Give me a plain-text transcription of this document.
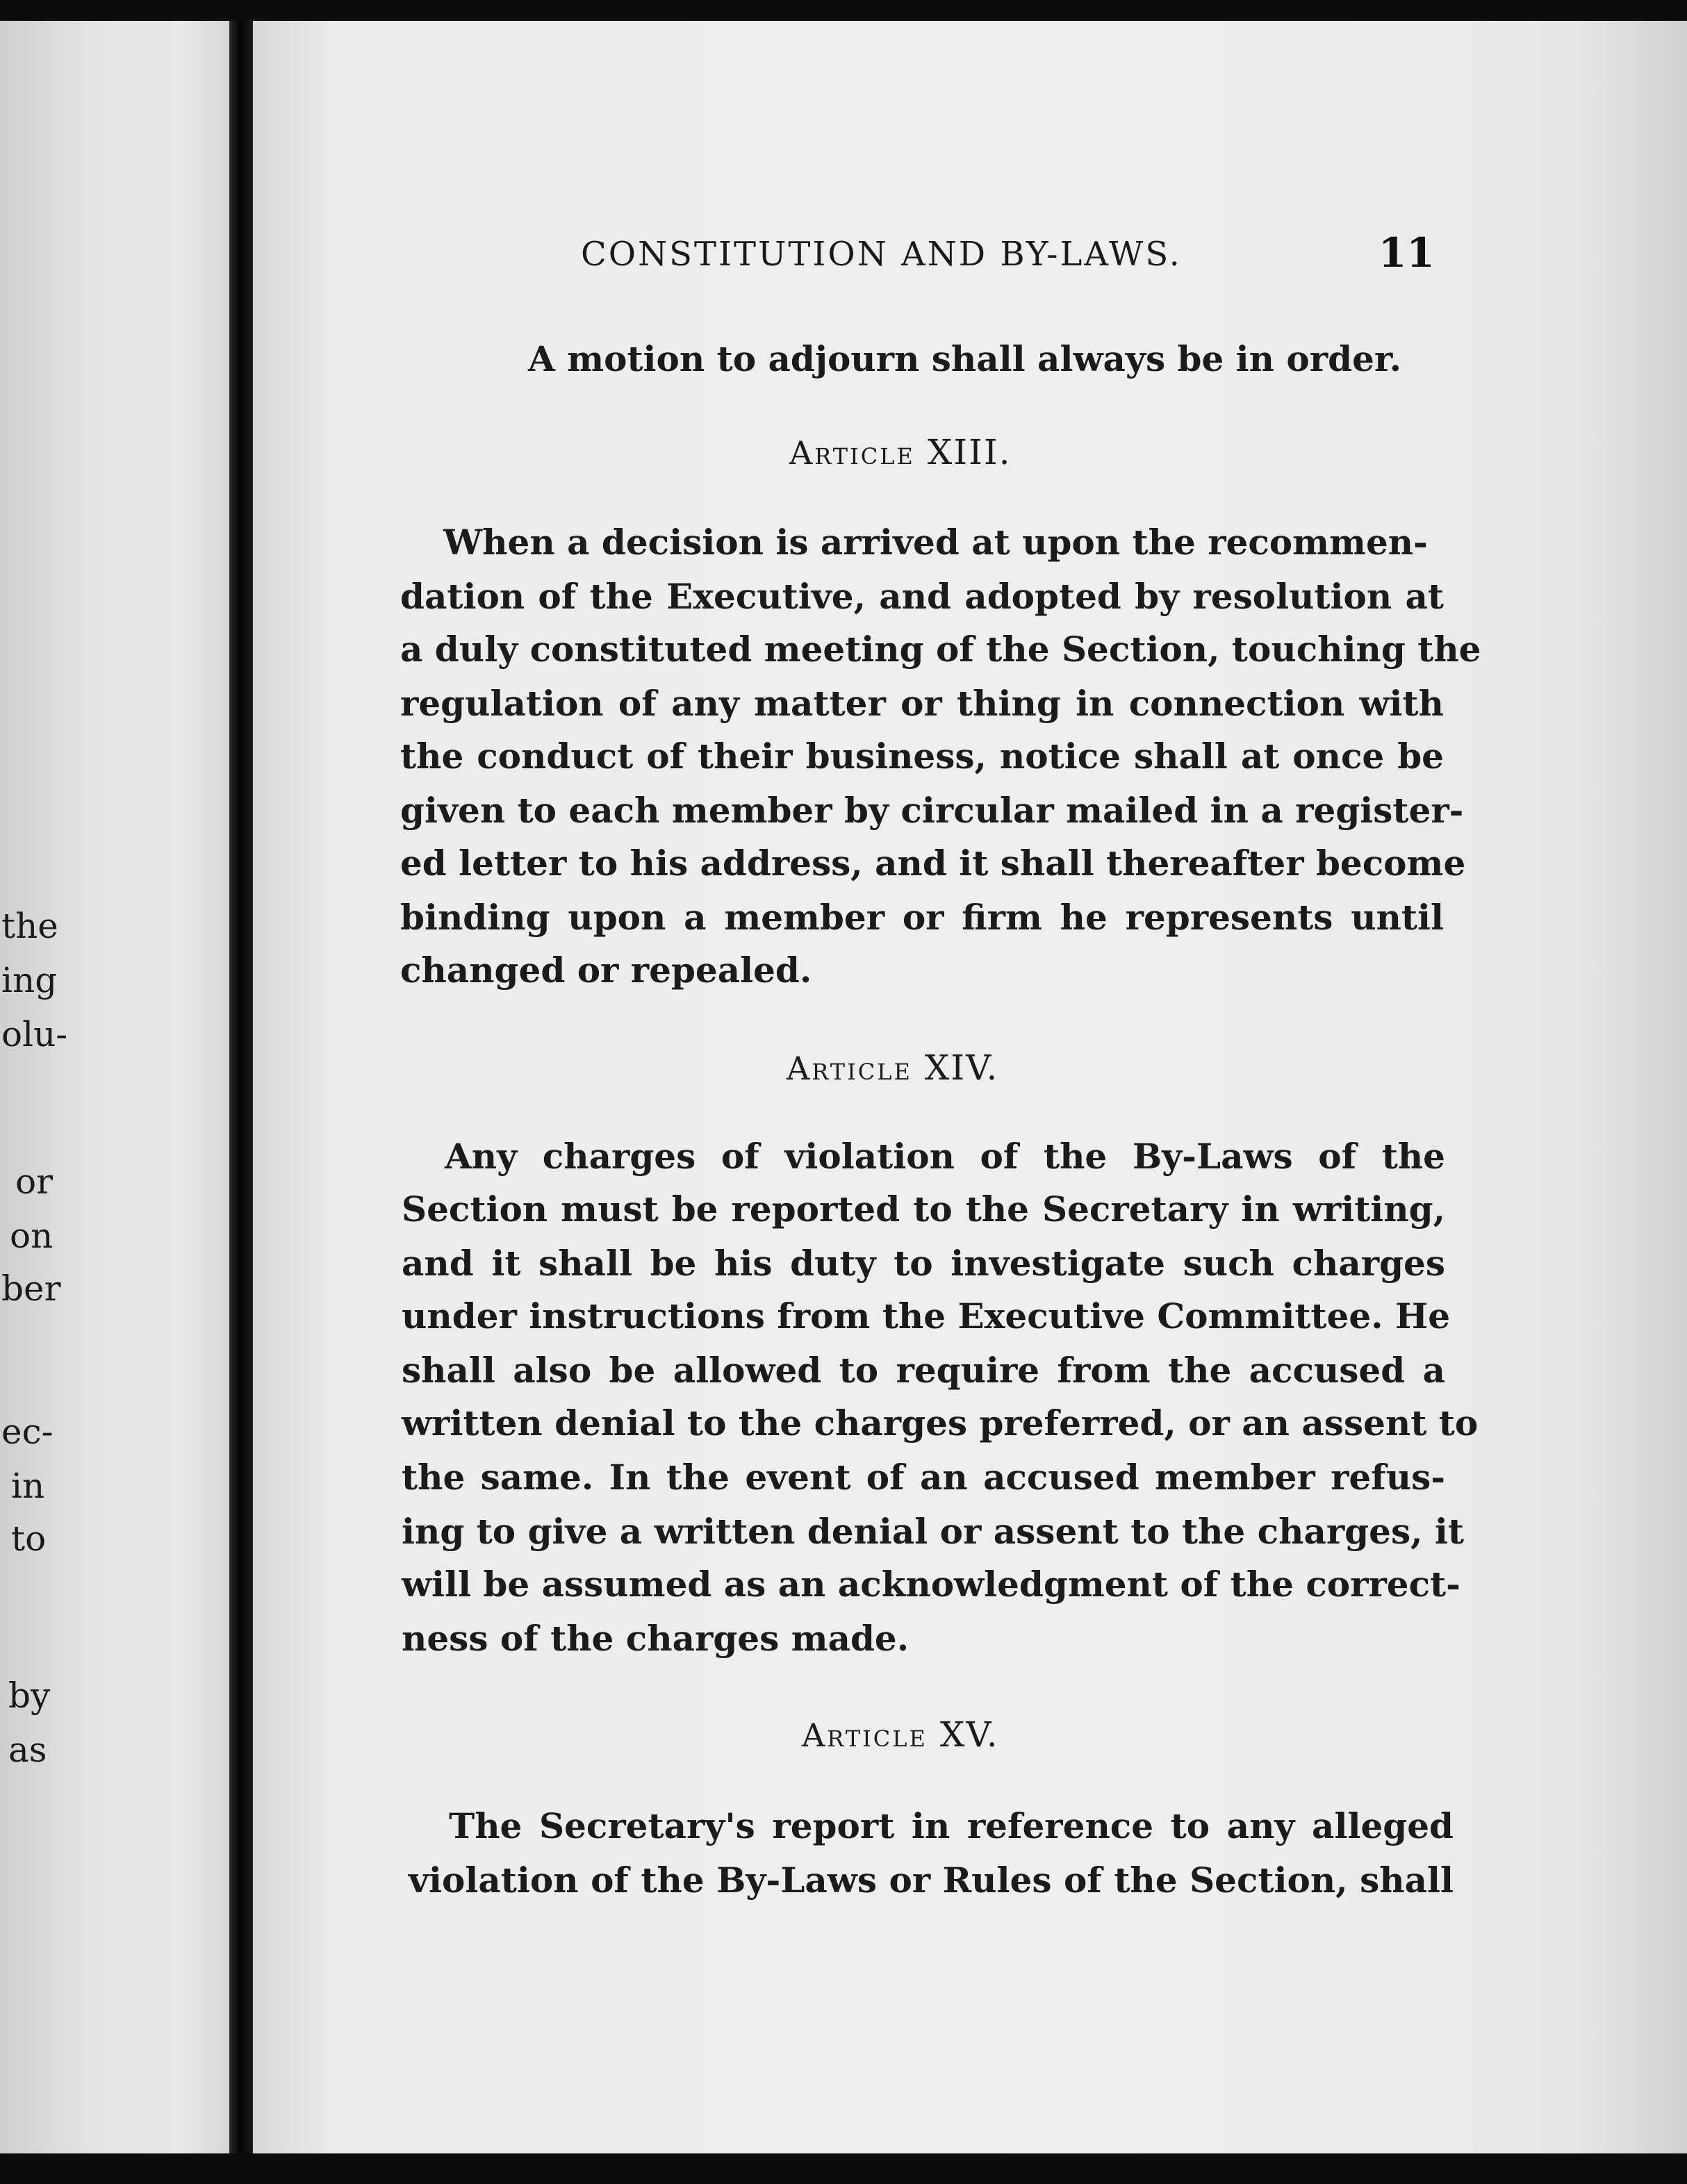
the
ing
olu-
or
on
ber
ec-
in
to
by
as
CONSTITUTION AND BY-LAWS.	11
A motion to adjourn shall always be in order.
Article XIII.
When a decision is arrived at upon the recommen-
dation of the Executive, and adopted by resolution at
a duly constituted meeting of the Section, touching the
regulation of any matter or thing in connection with
the conduct of their business, notice shall at once be
given to each member by circular mailed in a register-
ed letter to his address, and it shall thereafter become
binding upon a member or firm he represents until
changed or repealed.
Article XIV.
Any charges of violation of the By-Laws of the
Section must be reported to the Secretary in writing,
and it shall be his duty to investigate such charges
under instructions from the Executive Committee. He
shall also be allowed to require from the accused a
written denial to the charges preferred, or an assent to
the same. In the event of an accused member refus-
ing to give a written denial or assent to the charges, it
will be assumed as an acknowledgment of the correct-
ness of the charges made.
Article XV.
The Secretary's report in reference to any alleged
violation of the By-Laws or Rules of the Section, shall
